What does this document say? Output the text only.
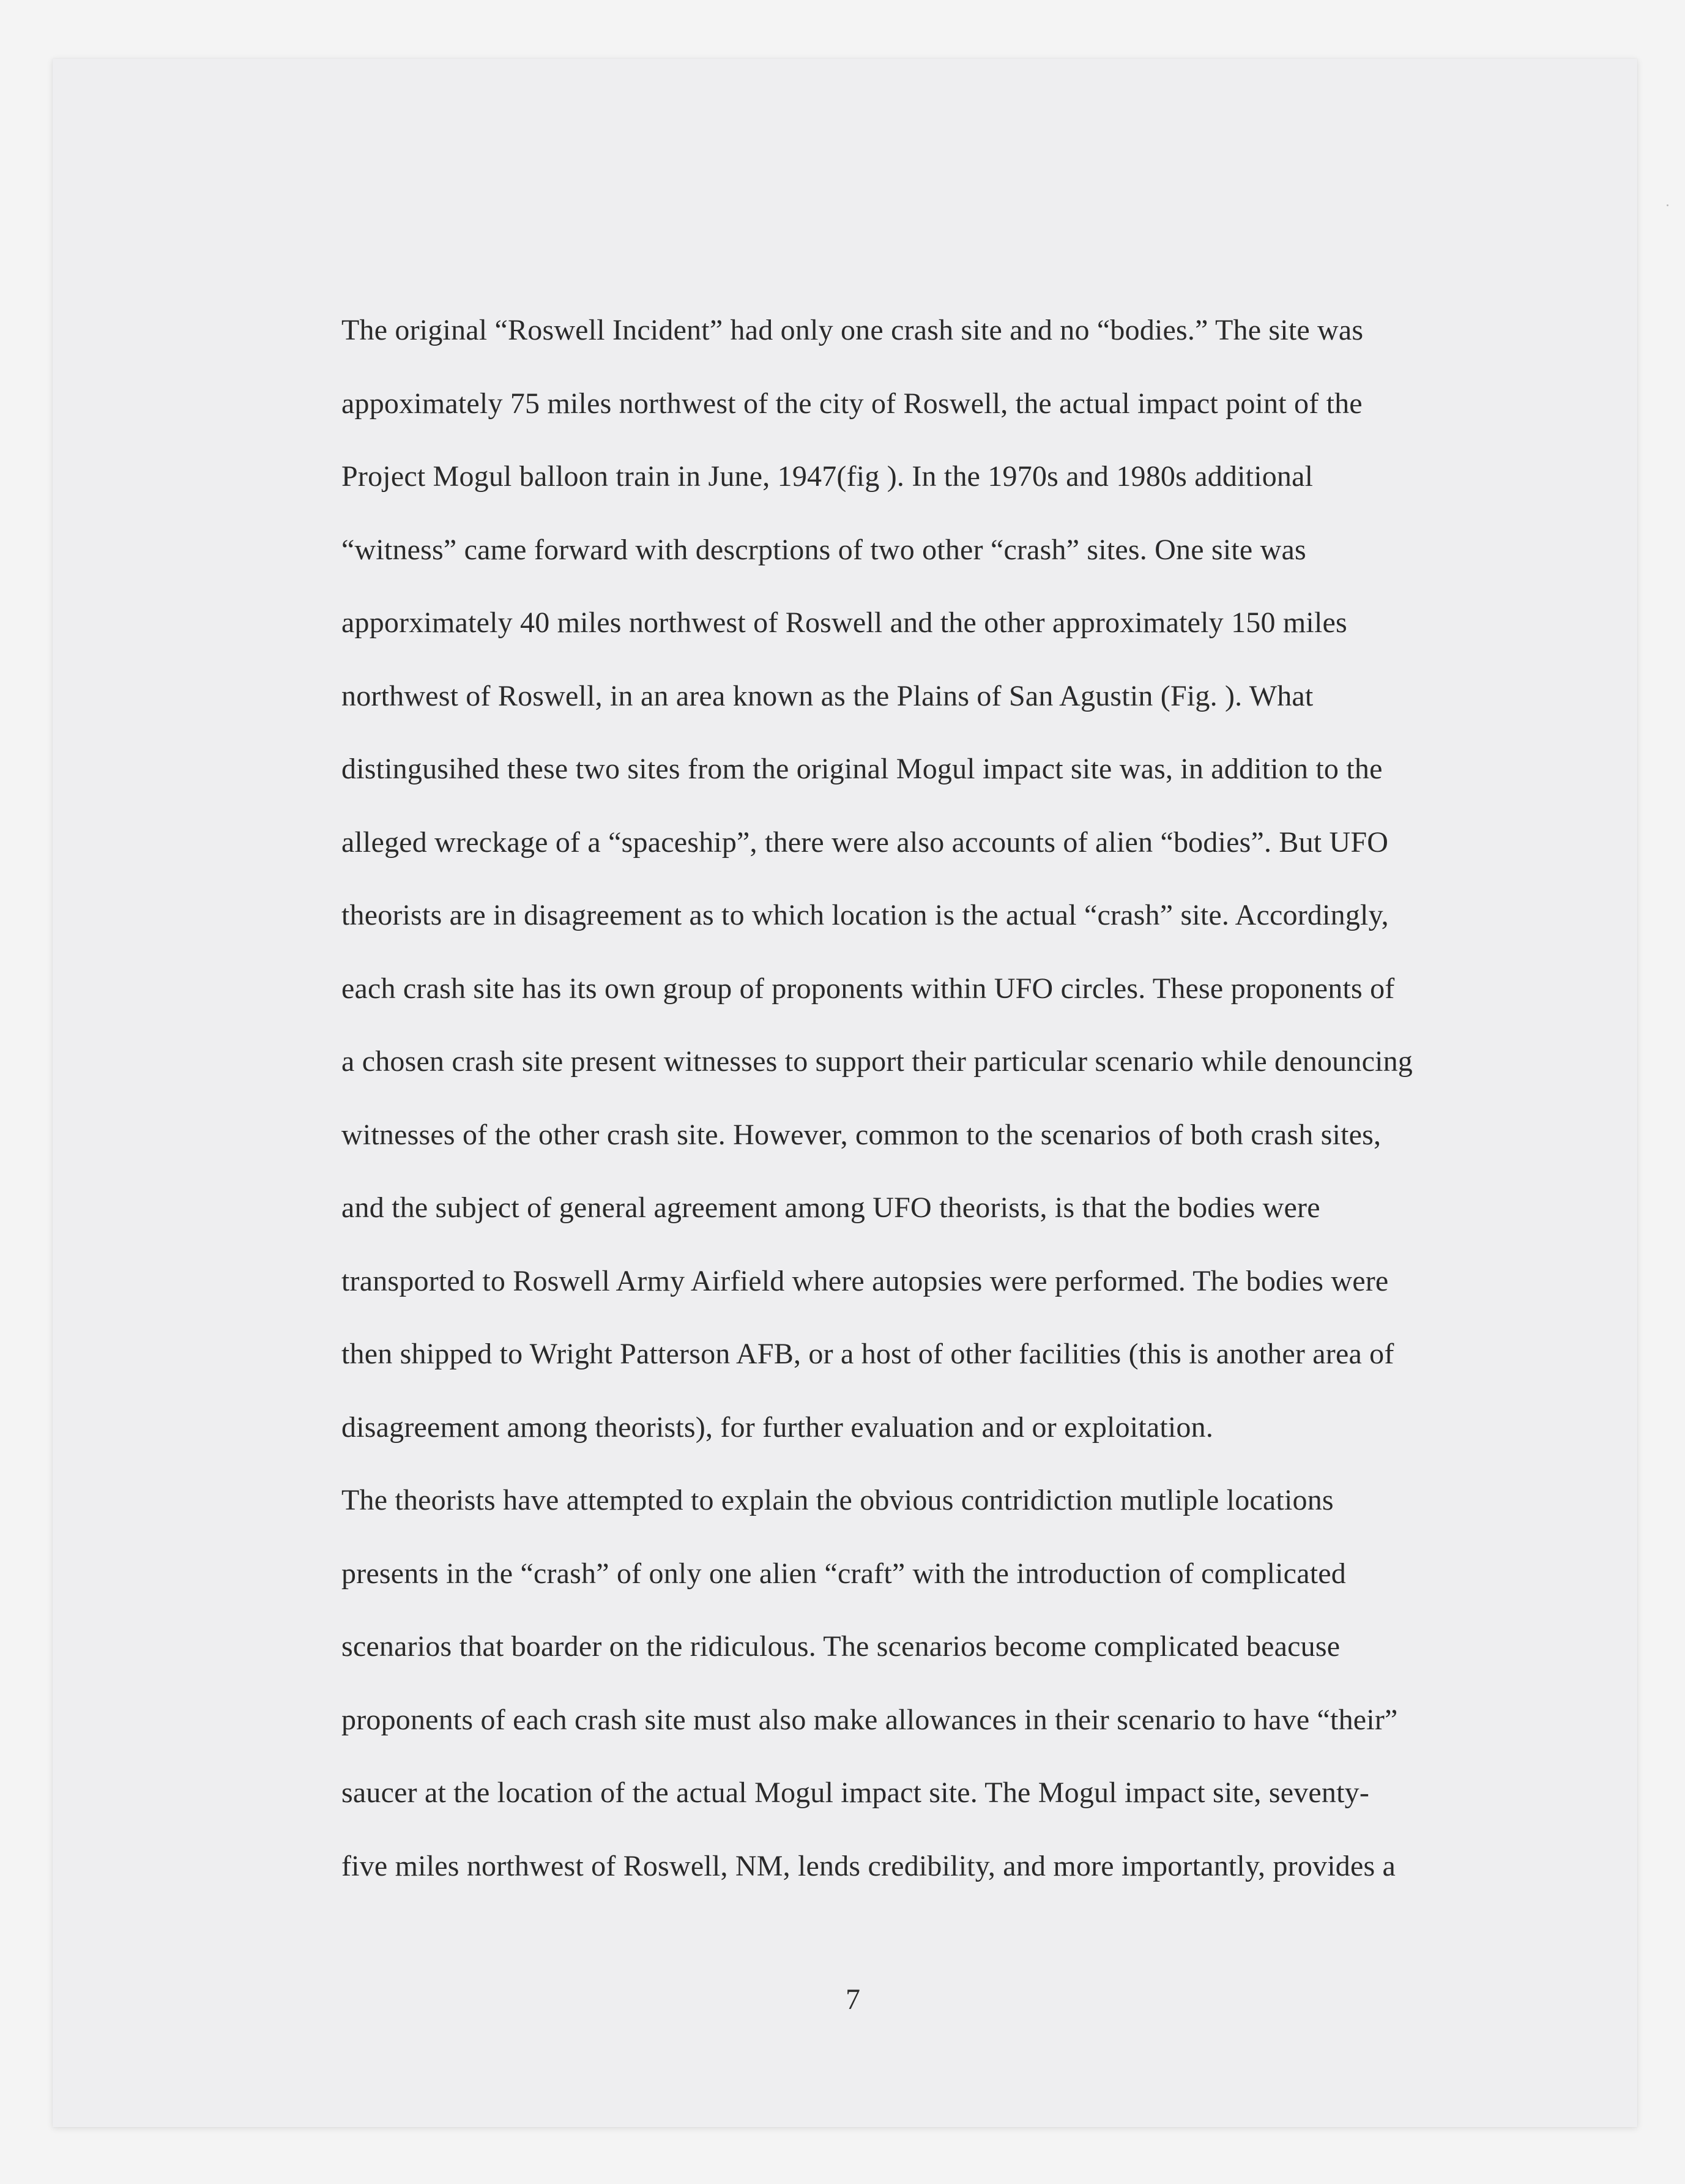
The original “Roswell Incident” had only one crash site and no “bodies.” The site was
appoximately 75 miles northwest of the city of Roswell, the actual impact point of the
Project Mogul balloon train in June, 1947(fig ). In the 1970s and 1980s additional
“witness” came forward with descrptions of two other “crash” sites. One site was
apporximately 40 miles northwest of Roswell and the other approximately 150 miles
northwest of Roswell, in an area known as the Plains of San Agustin (Fig. ). What
distingusihed these two sites from the original Mogul impact site was, in addition to the
alleged wreckage of a “spaceship”, there were also accounts of alien “bodies”. But UFO
theorists are in disagreement as to which location is the actual “crash” site. Accordingly,
each crash site has its own group of proponents within UFO circles. These proponents of
a chosen crash site present witnesses to support their particular scenario while denouncing
witnesses of the other crash site. However, common to the scenarios of both crash sites,
and the subject of general agreement among UFO theorists, is that the bodies were
transported to Roswell Army Airfield where autopsies were performed. The bodies were
then shipped to Wright Patterson AFB, or a host of other facilities (this is another area of
disagreement among theorists), for further evaluation and or exploitation.
The theorists have attempted to explain the obvious contridiction mutliple locations
presents in the “crash” of only one alien “craft” with the introduction of complicated
scenarios that boarder on the ridiculous. The scenarios become complicated beacuse
proponents of each crash site must also make allowances in their scenario to have “their”
saucer at the location of the actual Mogul impact site. The Mogul impact site, seventy-
five miles northwest of Roswell, NM, lends credibility, and more importantly, provides a
7
